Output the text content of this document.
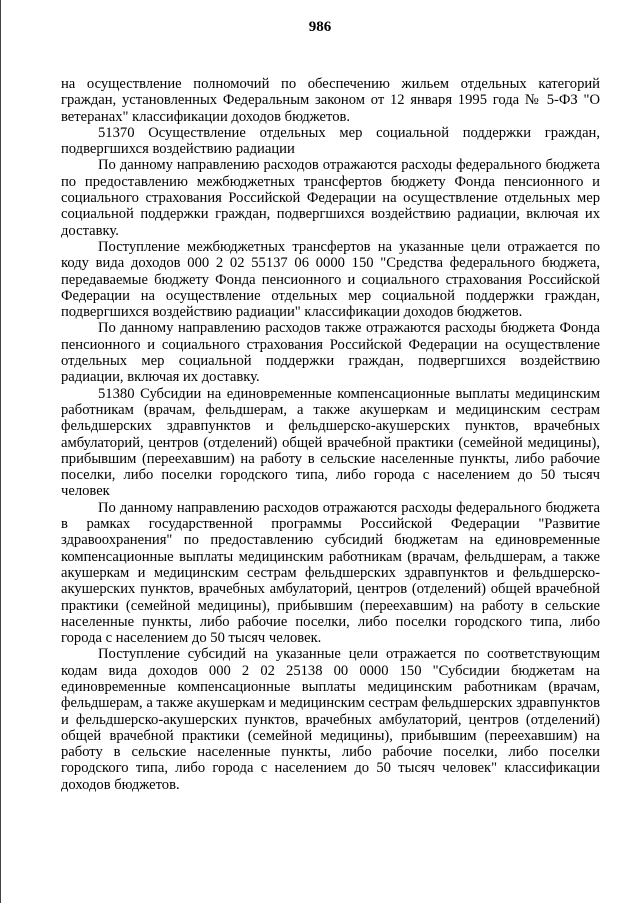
986

на осуществление полномочий по обеспечению жильем отдельных категорий граждан, установленных Федеральным законом от 12 января 1995 года № 5-ФЗ "О ветеранах" классификации доходов бюджетов.

51370 Осуществление отдельных мер социальной поддержки граждан, подвергшихся воздействию радиации

По данному направлению расходов отражаются расходы федерального бюджета по предоставлению межбюджетных трансфертов бюджету Фонда пенсионного и социального страхования Российской Федерации на осуществление отдельных мер социальной поддержки граждан, подвергшихся воздействию радиации, включая их доставку.

Поступление межбюджетных трансфертов на указанные цели отражается по коду вида доходов 000 2 02 55137 06 0000 150 "Средства федерального бюджета, передаваемые бюджету Фонда пенсионного и социального страхования Российской Федерации на осуществление отдельных мер социальной поддержки граждан, подвергшихся воздействию радиации" классификации доходов бюджетов.

По данному направлению расходов также отражаются расходы бюджета Фонда пенсионного и социального страхования Российской Федерации на осуществление отдельных мер социальной поддержки граждан, подвергшихся воздействию радиации, включая их доставку.

51380 Субсидии на единовременные компенсационные выплаты медицинским работникам (врачам, фельдшерам, а также акушеркам и медицинским сестрам фельдшерских здравпунктов и фельдшерско-акушерских пунктов, врачебных амбулаторий, центров (отделений) общей врачебной практики (семейной медицины), прибывшим (переехавшим) на работу в сельские населенные пункты, либо рабочие поселки, либо поселки городского типа, либо города с населением до 50 тысяч человек

По данному направлению расходов отражаются расходы федерального бюджета в рамках государственной программы Российской Федерации "Развитие здравоохранения" по предоставлению субсидий бюджетам на единовременные компенсационные выплаты медицинским работникам (врачам, фельдшерам, а также акушеркам и медицинским сестрам фельдшерских здравпунктов и фельдшерско-акушерских пунктов, врачебных амбулаторий, центров (отделений) общей врачебной практики (семейной медицины), прибывшим (переехавшим) на работу в сельские населенные пункты, либо рабочие поселки, либо поселки городского типа, либо города с населением до 50 тысяч человек.

Поступление субсидий на указанные цели отражается по соответствующим кодам вида доходов 000 2 02 25138 00 0000 150 "Субсидии бюджетам на единовременные компенсационные выплаты медицинским работникам (врачам, фельдшерам, а также акушеркам и медицинским сестрам фельдшерских здравпунктов и фельдшерско-акушерских пунктов, врачебных амбулаторий, центров (отделений) общей врачебной практики (семейной медицины), прибывшим (переехавшим) на работу в сельские населенные пункты, либо рабочие поселки, либо поселки городского типа, либо города с населением до 50 тысяч человек" классификации доходов бюджетов.
